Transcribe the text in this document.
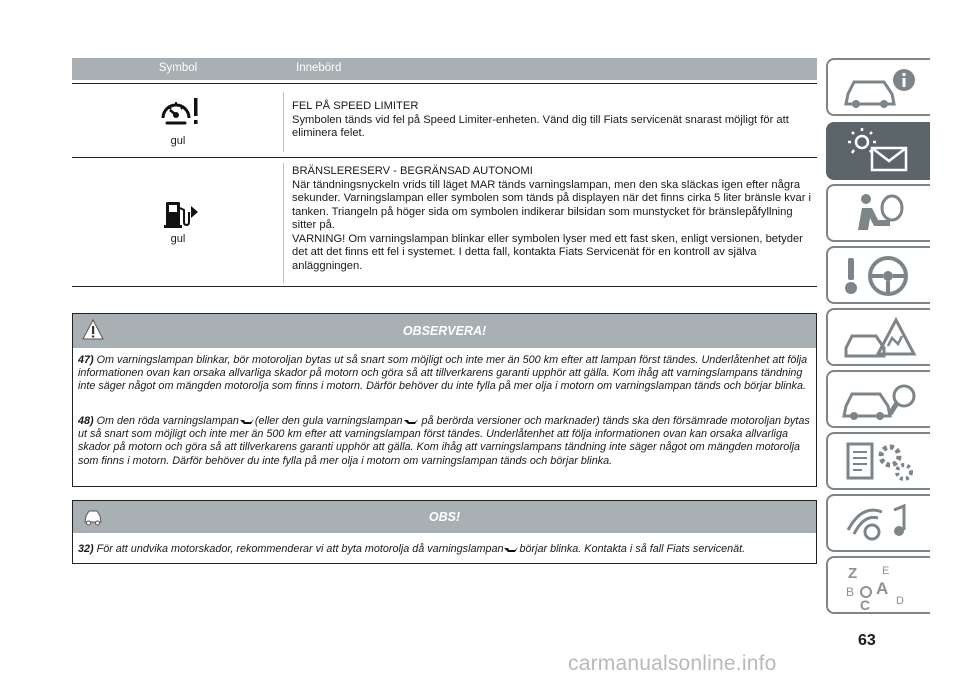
Symbol	Innebörd
gul
FEL PÅ SPEED LIMITER
Symbolen tänds vid fel på Speed Limiter-enheten. Vänd dig till Fiats servicenät snarast möjligt för att eliminera felet.
gul
BRÄNSLERESERV - BEGRÄNSAD AUTONOMI
När tändningsnyckeln vrids till läget MAR tänds varningslampan, men den ska släckas igen efter några sekunder. Varningslampan eller symbolen som tänds på displayen när det finns cirka 5 liter bränsle kvar i tanken. Triangeln på höger sida om symbolen indikerar bilsidan som munstycket för bränslepåfyllning sitter på.
VARNING! Om varningslampan blinkar eller symbolen lyser med ett fast sken, enligt versionen, betyder det att det finns ett fel i systemet. I detta fall, kontakta Fiats Servicenät för en kontroll av själva anläggningen.
OBSERVERA!
47) Om varningslampan blinkar, bör motoroljan bytas ut så snart som möjligt och inte mer än 500 km efter att lampan först tändes. Underlåtenhet att följa informationen ovan kan orsaka allvarliga skador på motorn och göra så att tillverkarens garanti upphör att gälla. Kom ihåg att varningslampans tändning inte säger något om mängden motorolja som finns i motorn. Därför behöver du inte fylla på mer olja i motorn om varningslampan tänds och börjar blinka.
48) Om den röda varningslampan (eller den gula varningslampan på berörda versioner och marknader) tänds ska den försämrade motoroljan bytas ut så snart som möjligt och inte mer än 500 km efter att varningslampan först tändes. Underlåtenhet att följa informationen ovan kan orsaka allvarliga skador på motorn och göra så att tillverkarens garanti upphör att gälla. Kom ihåg att varningslampans tändning inte säger något om mängden motorolja som finns i motorn. Därför behöver du inte fylla på mer olja i motorn om varningslampan tänds och börjar blinka.
OBS!
32) För att undvika motorskador, rekommenderar vi att byta motorolja då varningslampan börjar blinka. Kontakta i så fall Fiats servicenät.
Z E
B A
C D
63
carmanualsonline.info
